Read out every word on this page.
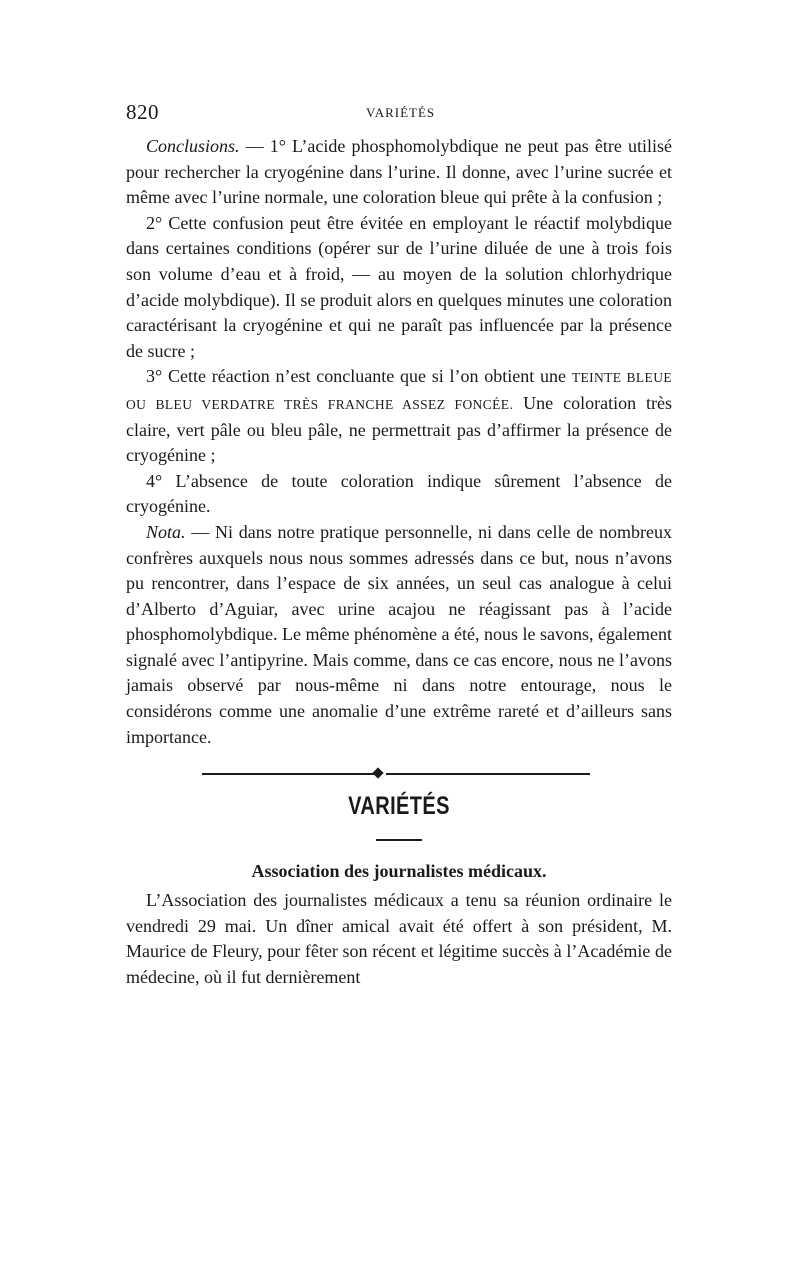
820	VARIÉTÉS

Conclusions. — 1° L’acide phosphomolybdique ne peut pas être utilisé pour rechercher la cryogénine dans l’urine. Il donne, avec l’urine sucrée et même avec l’urine normale, une coloration bleue qui prête à la confusion ;

2° Cette confusion peut être évitée en employant le réactif molybdique dans certaines conditions (opérer sur de l’urine diluée de une à trois fois son volume d’eau et à froid, — au moyen de la solution chlorhydrique d’acide molybdique). Il se produit alors en quelques minutes une coloration caractérisant la cryogénine et qui ne paraît pas influencée par la présence de sucre ;

3° Cette réaction n’est concluante que si l’on obtient une TEINTE BLEUE OU BLEU VERDATRE TRÈS FRANCHE ASSEZ FONCÉE. Une coloration très claire, vert pâle ou bleu pâle, ne permettrait pas d’affirmer la présence de cryogénine ;

4° L’absence de toute coloration indique sûrement l’absence de cryogénine.

Nota. — Ni dans notre pratique personnelle, ni dans celle de nombreux confrères auxquels nous nous sommes adressés dans ce but, nous n’avons pu rencontrer, dans l’espace de six années, un seul cas analogue à celui d’Alberto d’Aguiar, avec urine acajou ne réagissant pas à l’acide phosphomolybdique. Le même phénomène a été, nous le savons, également signalé avec l’antipyrine. Mais comme, dans ce cas encore, nous ne l’avons jamais observé par nous-même ni dans notre entourage, nous le considérons comme une anomalie d’une extrême rareté et d’ailleurs sans importance.

VARIÉTÉS
Association des journalistes médicaux.

L’Association des journalistes médicaux a tenu sa réunion ordinaire le vendredi 29 mai. Un dîner amical avait été offert à son président, M. Maurice de Fleury, pour fêter son récent et légitime succès à l’Académie de médecine, où il fut dernièrement
